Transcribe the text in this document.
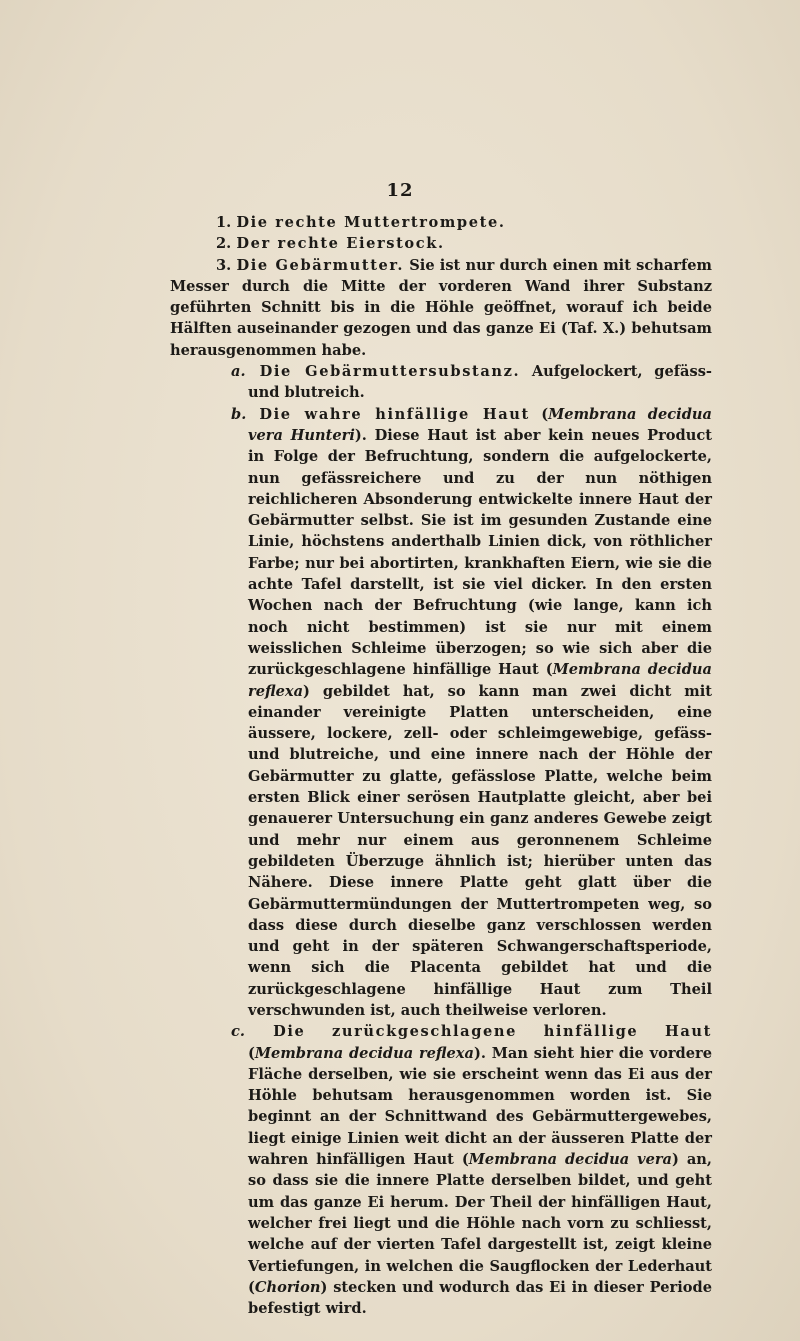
12

1. Die rechte Muttertrompete.

2. Der rechte Eierstock.

3. Die Gebärmutter. Sie ist nur durch einen mit scharfem Messer durch die Mitte der vorderen Wand ihrer Substanz geführten Schnitt bis in die Höhle geöffnet, worauf ich beide Hälften auseinander gezogen und das ganze Ei (Taf. X.) behutsam herausgenommen habe.

a. Die Gebärmuttersubstanz. Aufgelockert, gefäss- und blutreich.

b. Die wahre hinfällige Haut (Membrana decidua vera Hunteri). Diese Haut ist aber kein neues Product in Folge der Befruchtung, sondern die aufgelockerte, nun gefässreichere und zu der nun nöthigen reichlicheren Absonderung entwickelte innere Haut der Gebärmutter selbst. Sie ist im gesunden Zustande eine Linie, höchstens anderthalb Linien dick, von röthlicher Farbe; nur bei abortirten, krankhaften Eiern, wie sie die achte Tafel darstellt, ist sie viel dicker. In den ersten Wochen nach der Befruchtung (wie lange, kann ich noch nicht bestimmen) ist sie nur mit einem weisslichen Schleime überzogen; so wie sich aber die zurückgeschlagene hinfällige Haut (Membrana decidua reflexa) gebildet hat, so kann man zwei dicht mit einander vereinigte Platten unterscheiden, eine äussere, lockere, zell- oder schleimgewebige, gefäss- und blutreiche, und eine innere nach der Höhle der Gebärmutter zu glatte, gefässlose Platte, welche beim ersten Blick einer serösen Hautplatte gleicht, aber bei genauerer Untersuchung ein ganz anderes Gewebe zeigt und mehr nur einem aus geronnenem Schleime gebildeten Überzuge ähnlich ist; hierüber unten das Nähere. Diese innere Platte geht glatt über die Gebärmuttermündungen der Muttertrompeten weg, so dass diese durch dieselbe ganz verschlossen werden und geht in der späteren Schwangerschaftsperiode, wenn sich die Placenta gebildet hat und die zurückgeschlagene hinfällige Haut zum Theil verschwunden ist, auch theilweise verloren.

c. Die zurückgeschlagene hinfällige Haut (Membrana decidua reflexa). Man sieht hier die vordere Fläche derselben, wie sie erscheint wenn das Ei aus der Höhle behutsam herausgenommen worden ist. Sie beginnt an der Schnittwand des Gebärmuttergewebes, liegt einige Linien weit dicht an der äusseren Platte der wahren hinfälligen Haut (Membrana decidua vera) an, so dass sie die innere Platte derselben bildet, und geht um das ganze Ei herum. Der Theil der hinfälligen Haut, welcher frei liegt und die Höhle nach vorn zu schliesst, welche auf der vierten Tafel dargestellt ist, zeigt kleine Vertiefungen, in welchen die Saugflocken der Lederhaut (Chorion) stecken und wodurch das Ei in dieser Periode befestigt wird.
